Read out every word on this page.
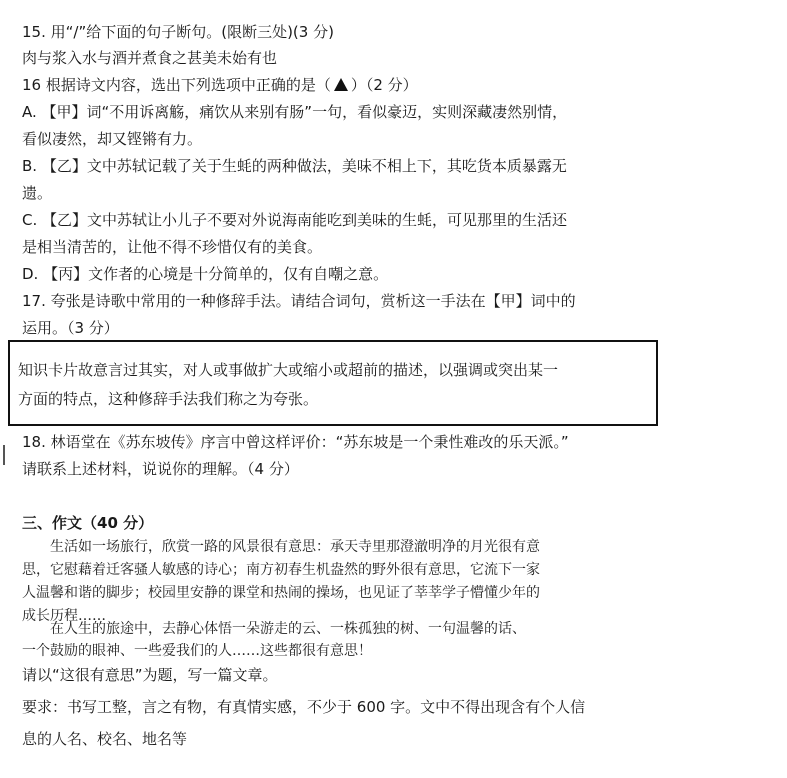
15. 用“/”给下面的句子断句。(限断三处)(3 分)
肉与浆入水与酒并煮食之甚美未始有也
16 根据诗文内容，选出下列选项中正确的是（ ）（2 分）
A. 【甲】词“不用诉离觞，痛饮从来别有肠”一句，看似豪迈，实则深藏凄然别情，
看似凄然，却又铿锵有力。
B. 【乙】文中苏轼记载了关于生蚝的两种做法，美味不相上下，其吃货本质暴露无
遗。
C. 【乙】文中苏轼让小儿子不要对外说海南能吃到美味的生蚝，可见那里的生活还
是相当清苦的，让他不得不珍惜仅有的美食。
D. 【丙】文作者的心境是十分简单的，仅有自嘲之意。
17. 夸张是诗歌中常用的一种修辞手法。请结合词句，赏析这一手法在【甲】词中的
运用。（3 分）
知识卡片故意言过其实，对人或事做扩大或缩小或超前的描述，以强调或突出某一
方面的特点，这种修辞手法我们称之为夸张。
18. 林语堂在《苏东坡传》序言中曾这样评价：“苏东坡是一个秉性难改的乐天派。”
请联系上述材料，说说你的理解。（4 分）
三、作文（40 分）
生活如一场旅行，欣赏一路的风景很有意思：承天寺里那澄澈明净的月光很有意
思，它慰藉着迁客骚人敏感的诗心；南方初春生机盎然的野外很有意思，它流下一家
人温馨和谐的脚步；校园里安静的课堂和热闹的操场，也见证了莘莘学子懵懂少年的
成长历程……
在人生的旅途中，去静心体悟一朵游走的云、一株孤独的树、一句温馨的话、
一个鼓励的眼神、一些爱我们的人……这些都很有意思！
请以“这很有意思”为题，写一篇文章。
要求：书写工整，言之有物，有真情实感，不少于 600 字。文中不得出现含有个人信
息的人名、校名、地名等
